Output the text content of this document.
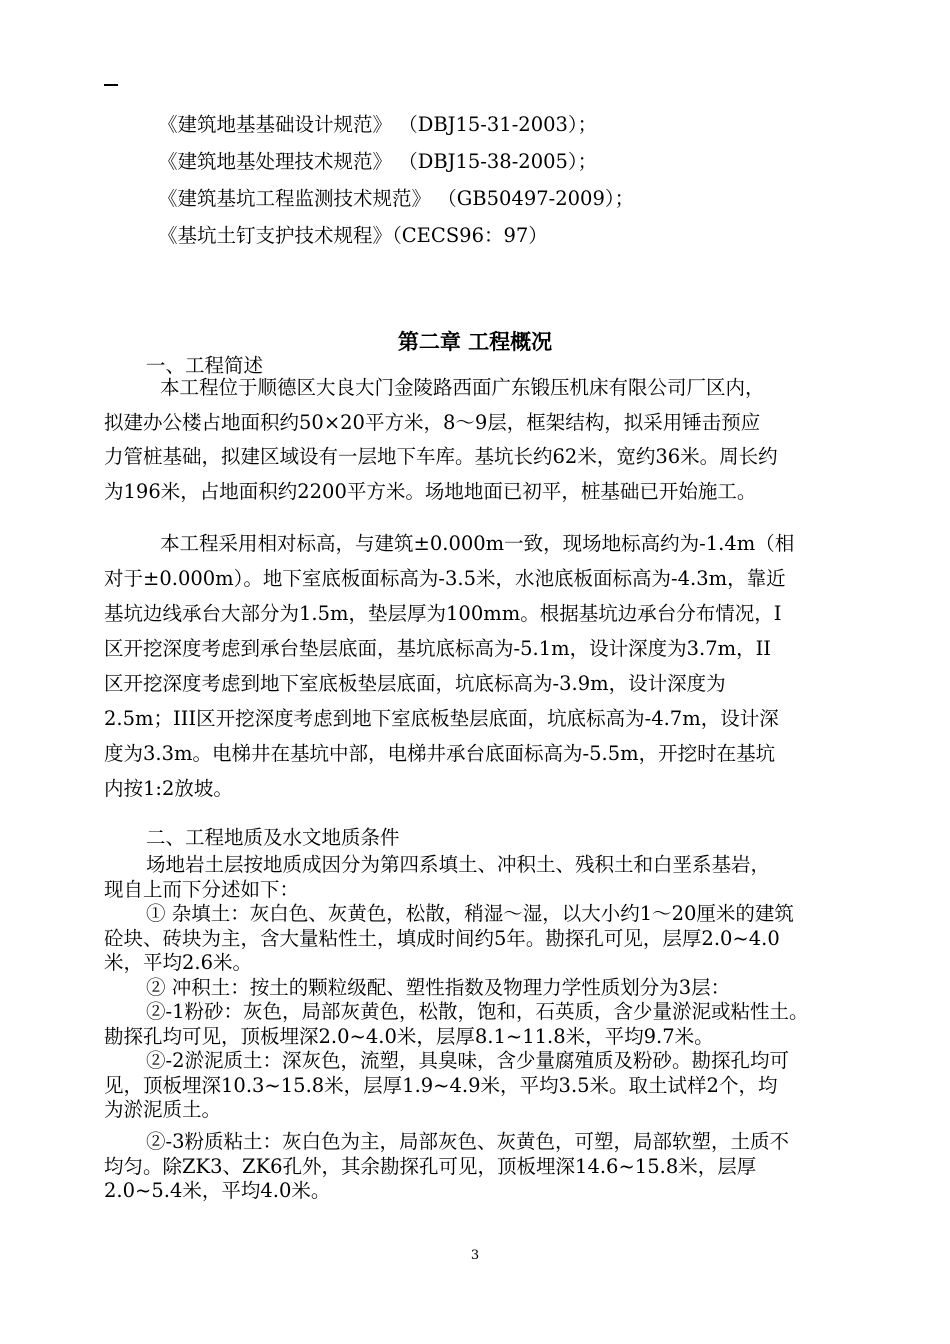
《建筑地基基础设计规范》 （DBJ15-31-2003）；
《建筑地基处理技术规范》 （DBJ15-38-2005）；
《建筑基坑工程监测技术规范》 （GB50497-2009）；
《基坑土钉支护技术规程》（CECS96：97）
第二章 工程概况
一、工程简述
本工程位于顺德区大良大门金陵路西面广东锻压机床有限公司厂区内，
拟建办公楼占地面积约50×20平方米，8～9层，框架结构，拟采用锤击预应
力管桩基础，拟建区域设有一层地下车库。基坑长约62米，宽约36米。周长约
为196米，占地面积约2200平方米。场地地面已初平，桩基础已开始施工。
本工程采用相对标高，与建筑±0.000m一致，现场地标高约为-1.4m（相
对于±0.000m）。地下室底板面标高为-3.5米，水池底板面标高为-4.3m，靠近
基坑边线承台大部分为1.5m，垫层厚为100mm。根据基坑边承台分布情况，I
区开挖深度考虑到承台垫层底面，基坑底标高为-5.1m，设计深度为3.7m，II
区开挖深度考虑到地下室底板垫层底面，坑底标高为-3.9m，设计深度为
2.5m；III区开挖深度考虑到地下室底板垫层底面，坑底标高为-4.7m，设计深
度为3.3m。电梯井在基坑中部，电梯井承台底面标高为-5.5m，开挖时在基坑
内按1:2放坡。
二、工程地质及水文地质条件
场地岩土层按地质成因分为第四系填土、冲积土、残积土和白垩系基岩，
现自上而下分述如下：
① 杂填土：灰白色、灰黄色，松散，稍湿～湿，以大小约1～20厘米的建筑
砼块、砖块为主，含大量粘性土，填成时间约5年。勘探孔可见，层厚2.0~4.0
米，平均2.6米。
② 冲积土：按土的颗粒级配、塑性指数及物理力学性质划分为3层：
②-1粉砂：灰色，局部灰黄色，松散，饱和，石英质，含少量淤泥或粘性土。
勘探孔均可见，顶板埋深2.0~4.0米，层厚8.1~11.8米，平均9.7米。
②-2淤泥质土：深灰色，流塑，具臭味，含少量腐殖质及粉砂。勘探孔均可
见，顶板埋深10.3~15.8米，层厚1.9~4.9米，平均3.5米。取土试样2个，均
为淤泥质土。
②-3粉质粘土：灰白色为主，局部灰色、灰黄色，可塑，局部软塑，土质不
均匀。除ZK3、ZK6孔外，其余勘探孔可见，顶板埋深14.6~15.8米，层厚
2.0~5.4米，平均4.0米。
3
